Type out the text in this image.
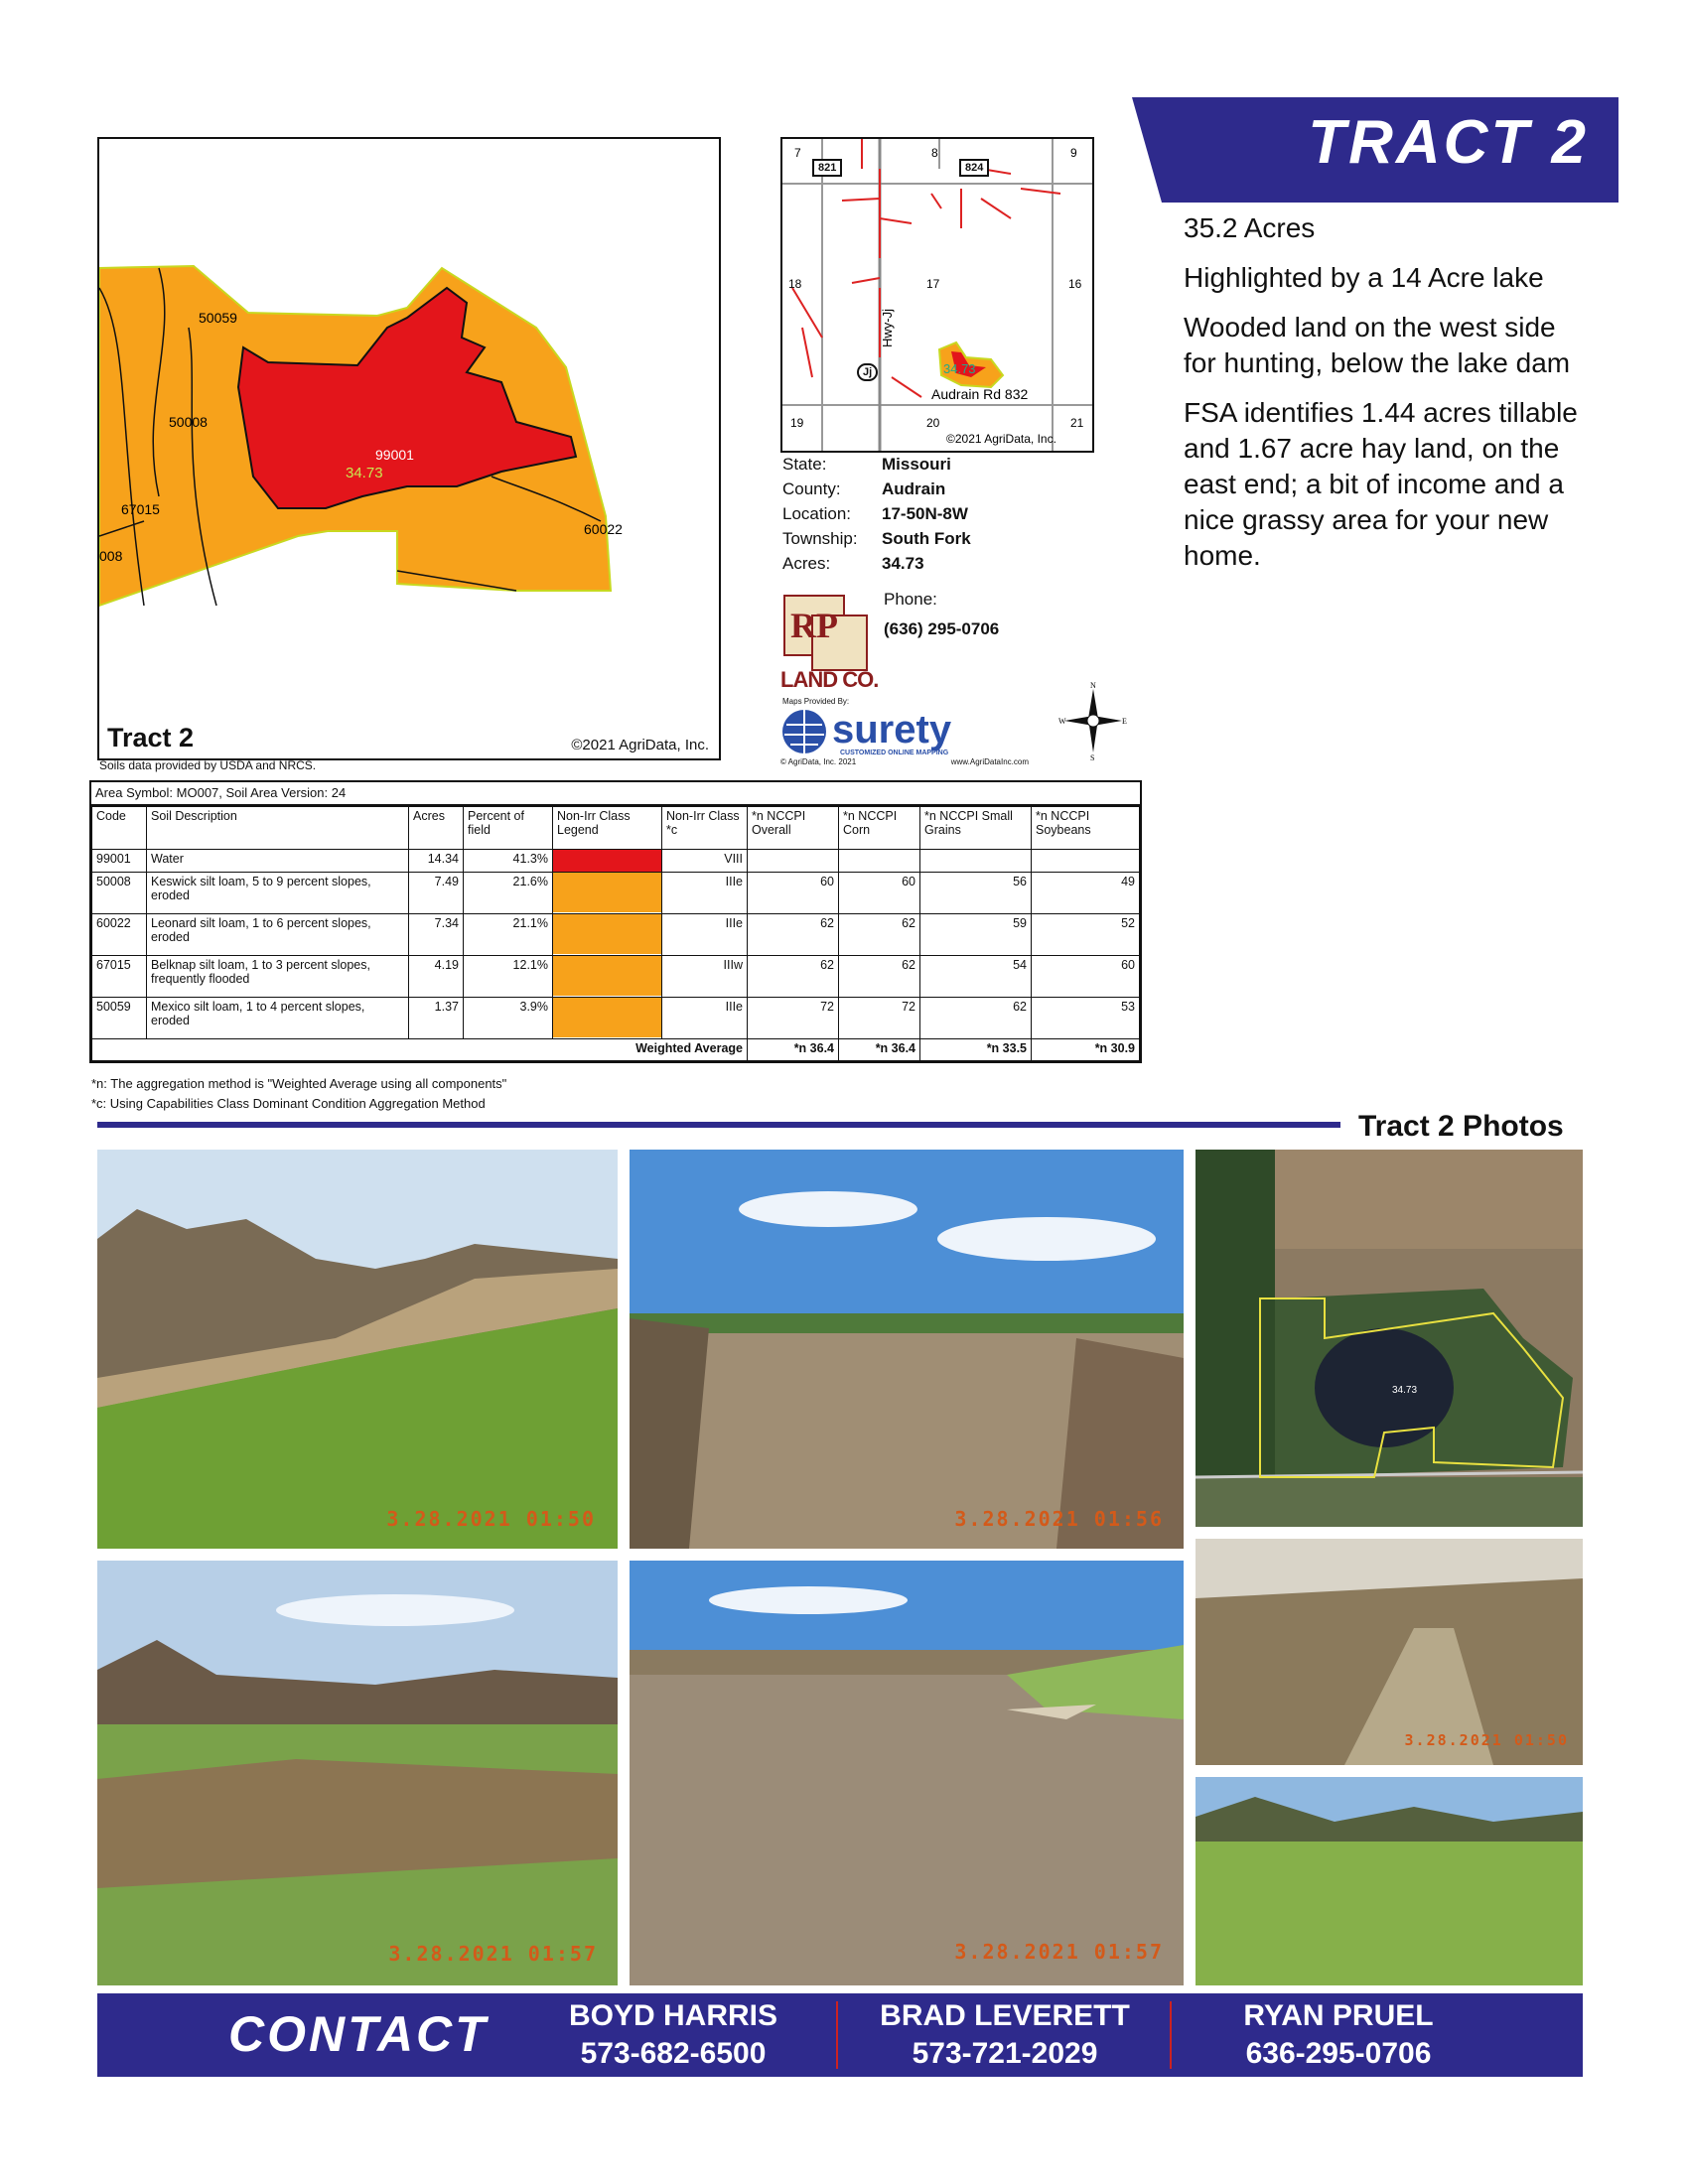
50059
50008
99001
34.73
67015
008
60022
Tract 2	©2021 AgriData, Inc.
Soils data provided by USDA and NRCS.
34.73
Audrain Rd 832
Hwy-Jj
7	8	9
18	17	16
19	20	21
©2021 AgriData, Inc.
821	824
Jj
State:	Missouri
County:	Audrain
Location:	17-50N-8W
Township:	South Fork
Acres:	34.73
Phone:
(636) 295-0706
RP
LAND CO.
Maps Provided By:
surety
CUSTOMIZED ONLINE MAPPING
© AgriData, Inc. 2021	www.AgriDataInc.com
N
S
W	E
TRACT 2

35.2 Acres

Highlighted by a 14 Acre lake

Wooded land on the west side for hunting, below the lake dam

FSA identifies 1.44 acres tillable and 1.67 acre hay land, on the east end; a bit of income and a nice grassy area for your new home.

Area Symbol: MO007, Soil Area Version: 24
Code	Soil Description	Acres	Percent of field	Non-Irr Class Legend	Non-Irr Class *c	*n NCCPI Overall	*n NCCPI Corn	*n NCCPI Small Grains	*n NCCPI Soybeans
99001	Water	14.34	41.3%		VIII				
50008	Keswick silt loam, 5 to 9 percent slopes, eroded	7.49	21.6%		IIIe	60	60	56	49
60022	Leonard silt loam, 1 to 6 percent slopes, eroded	7.34	21.1%		IIIe	62	62	59	52
67015	Belknap silt loam, 1 to 3 percent slopes, frequently flooded	4.19	12.1%		IIIw	62	62	54	60
50059	Mexico silt loam, 1 to 4 percent slopes, eroded	1.37	3.9%		IIIe	72	72	62	53
Weighted Average						*n 36.4	*n 36.4	*n 33.5	*n 30.9
*n: The aggregation method is "Weighted Average using all components"
*c: Using Capabilities Class Dominant Condition Aggregation Method
Tract 2 Photos
3.28.2021 01:50	3.28.2021 01:56
34.73
3.28.2021 01:57	3.28.2021 01:57
3.28.2021 01:50
CONTACT	BOYD HARRIS
573-682-6500
BRAD LEVERETT
573-721-2029
RYAN PRUEL
636-295-0706
